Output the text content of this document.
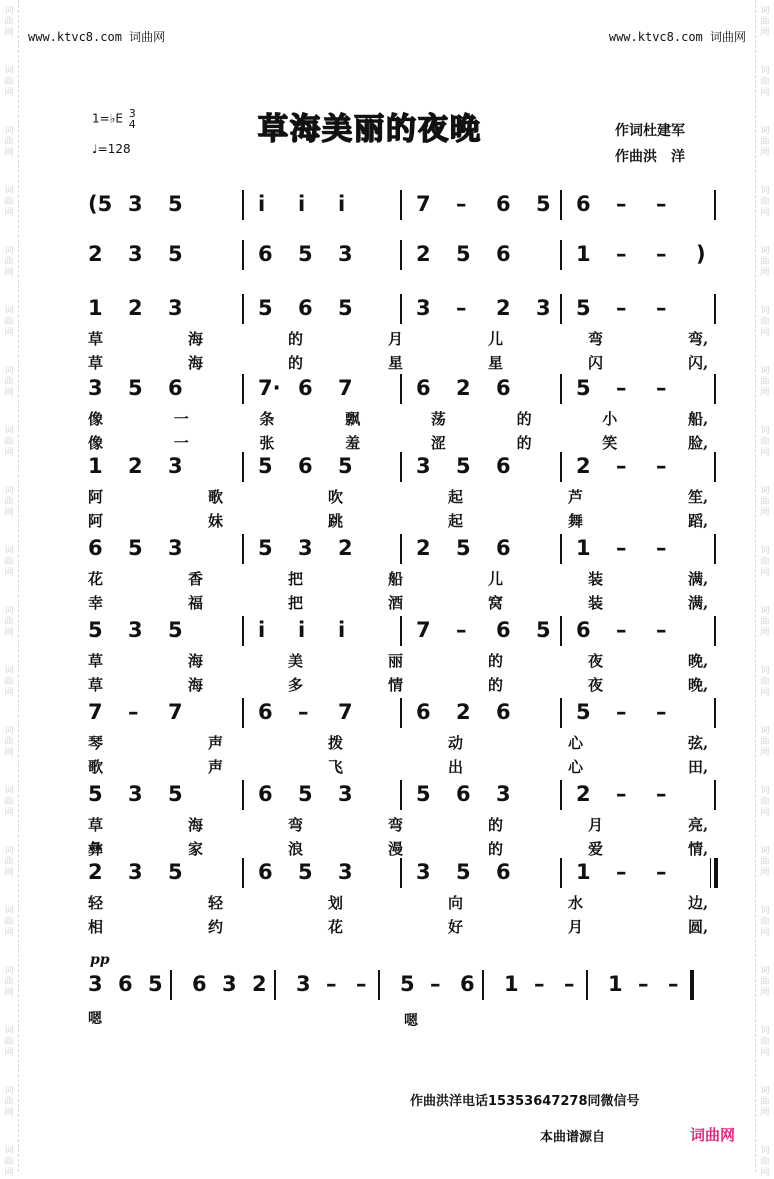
词曲网
词曲网
词曲网
词曲网
词曲网
词曲网
词曲网
词曲网
词曲网
词曲网
词曲网
词曲网
词曲网
词曲网
词曲网
词曲网
词曲网
词曲网
词曲网
词曲网
词曲网
词曲网
词曲网
词曲网
词曲网
词曲网
词曲网
词曲网
词曲网
词曲网
词曲网
词曲网
词曲网
词曲网
词曲网
词曲网
词曲网
词曲网
词曲网
词曲网
www.ktvc8.com 词曲网	www.ktvc8.com 词曲网
1=♭E 3
4
♩=128
草海美丽的夜晚	作词杜建军
作曲洪　洋
(5 3 5	i i i	7 – 6 5 6 – –
2 3 5	6 5 3	2 5 6	1 – – )
1 2 3	5 6 5	3 – 2 3 5 – –
草	海	的	月	儿	弯	弯,
草	海	的	星	星	闪	闪,
3 5 6	7· 6 7	6 2 6	5 – –
像	一	条	飘	荡	的	小	船,
像	一	张	羞	涩	的	笑	脸,
1 2 3	5 6 5	3 5 6	2 – –
阿	歌	吹	起	芦	笙,
阿	妹	跳	起	舞	蹈,
6 5 3	5 3 2	2 5 6	1 – –
花	香	把	船	儿	装	满,
幸	福	把	酒	窝	装	满,
5 3 5	i i i	7 – 6 5 6 – –
草	海	美	丽	的	夜	晚,
草	海	多	情	的	夜	晚,
7 – 7	6 – 7	6 2 6	5 – –
琴	声	拨	动	心	弦,
歌	声	飞	出	心	田,
5 3 5	6 5 3	5 6 3	2 – –
草	海	弯	弯	的	月	亮,
彝	家	浪	漫	的	爱	情,
2 3 5	6 5 3	3 5 6	1 – –
轻	轻	划	向	水	边,
相	约	花	好	月	圆,
pp
3 6 5 6 3 2 3 – – 5 – 6 1 – – 1 – –
嗯	嗯
作曲洪洋电话15353647278同微信号
本曲谱源自	词曲网
